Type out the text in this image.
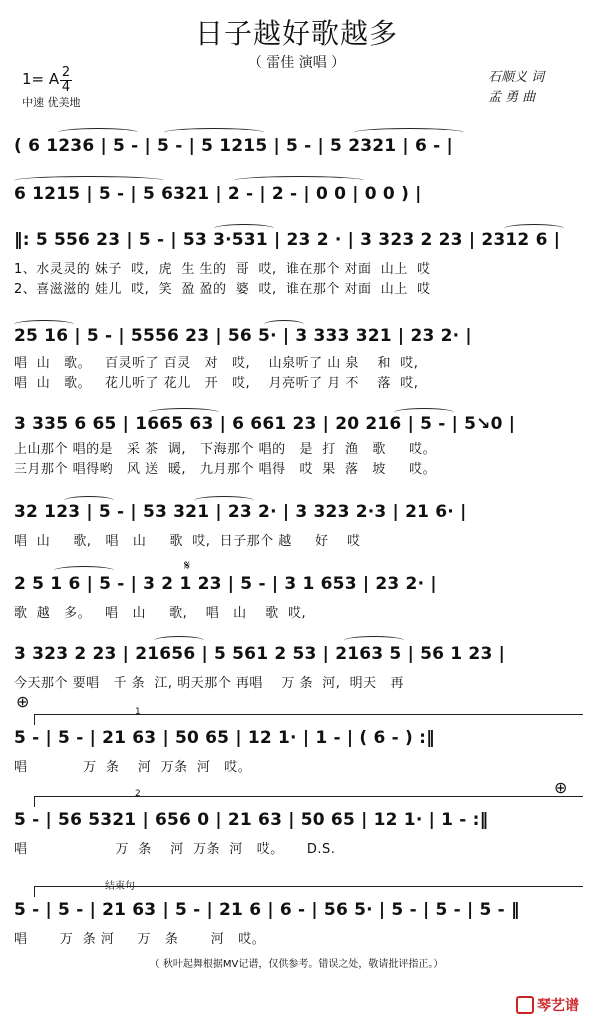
日子越好歌越多
（ 雷佳 演唱 ）
石顺义 词
孟 勇 曲
1= A 2
4
中速 优美地
( 6 1236 | 5 - | 5 - | 5 1215 | 5 - | 5 2321 | 6 - |
6 1215 | 5 - | 5 6321 | 2 - | 2 - | 0 0 | 0 0 ) |
‖: 5 556 23 | 5 - | 53 3·531 | 23 2 · | 3 323 2 23 | 2312 6 |
1、水灵灵的 妹子  哎,  虎  生 生的  哥  哎,  谁在那个 对面  山上  哎
2、喜滋滋的 娃儿  哎,  笑  盈 盈的  婆  哎,  谁在那个 对面  山上  哎
25 16 | 5 - | 5556 23 | 56 5· | 3 333 321 | 23 2· |
唱  山   歌。   百灵听了 百灵   对   哎,    山泉听了 山 泉    和  哎,
唱  山   歌。   花儿听了 花儿   开   哎,    月亮听了 月 不    落  哎,
3 335 6 65 | 1665 63 | 6 661 23 | 20 216 | 5 - | 5↘0 |
上山那个 唱的是   采 茶  调,   下海那个 唱的   是  打  渔   歌     哎。
三月那个 唱得哟   风 送  暖,   九月那个 唱得   哎  果  落   坡     哎。
32 123 | 5 - | 53 321 | 23 2· | 3 323 2·3 | 21 6· |
唱  山     歌,   唱   山     歌  哎,  日子那个 越     好    哎
𝄋
2 5 1 6 | 5 - | 3 2 1 23 | 5 - | 3 1 653 | 23 2· |
歌  越   多。   唱   山     歌,    唱   山    歌  哎,
3 323 2 23 | 21656 | 5 561 2 53 | 2163 5 | 56 1 23 |
今天那个 要唱   千 条  江, 明天那个 再唱    万 条  河,  明天   再
⊕
1
5 - | 5 - | 21 63 | 50 65 | 12 1· | 1 - | ( 6 - ) :‖
唱            万  条    河  万条  河   哎。
⊕
2
5 - | 56 5321 | 656 0 | 21 63 | 50 65 | 12 1· | 1 - :‖
唱                   万  条    河  万条  河   哎。     D.S.
结束句
5 - | 5 - | 21 63 | 5 - | 21 6 | 6 - | 56 5· | 5 - | 5 - | 5 - ‖
唱       万  条 河     万   条       河   哎。
（ 秋叶起舞根据MV记谱，仅供参考。错误之处，敬请批评指正。）
琴艺谱
